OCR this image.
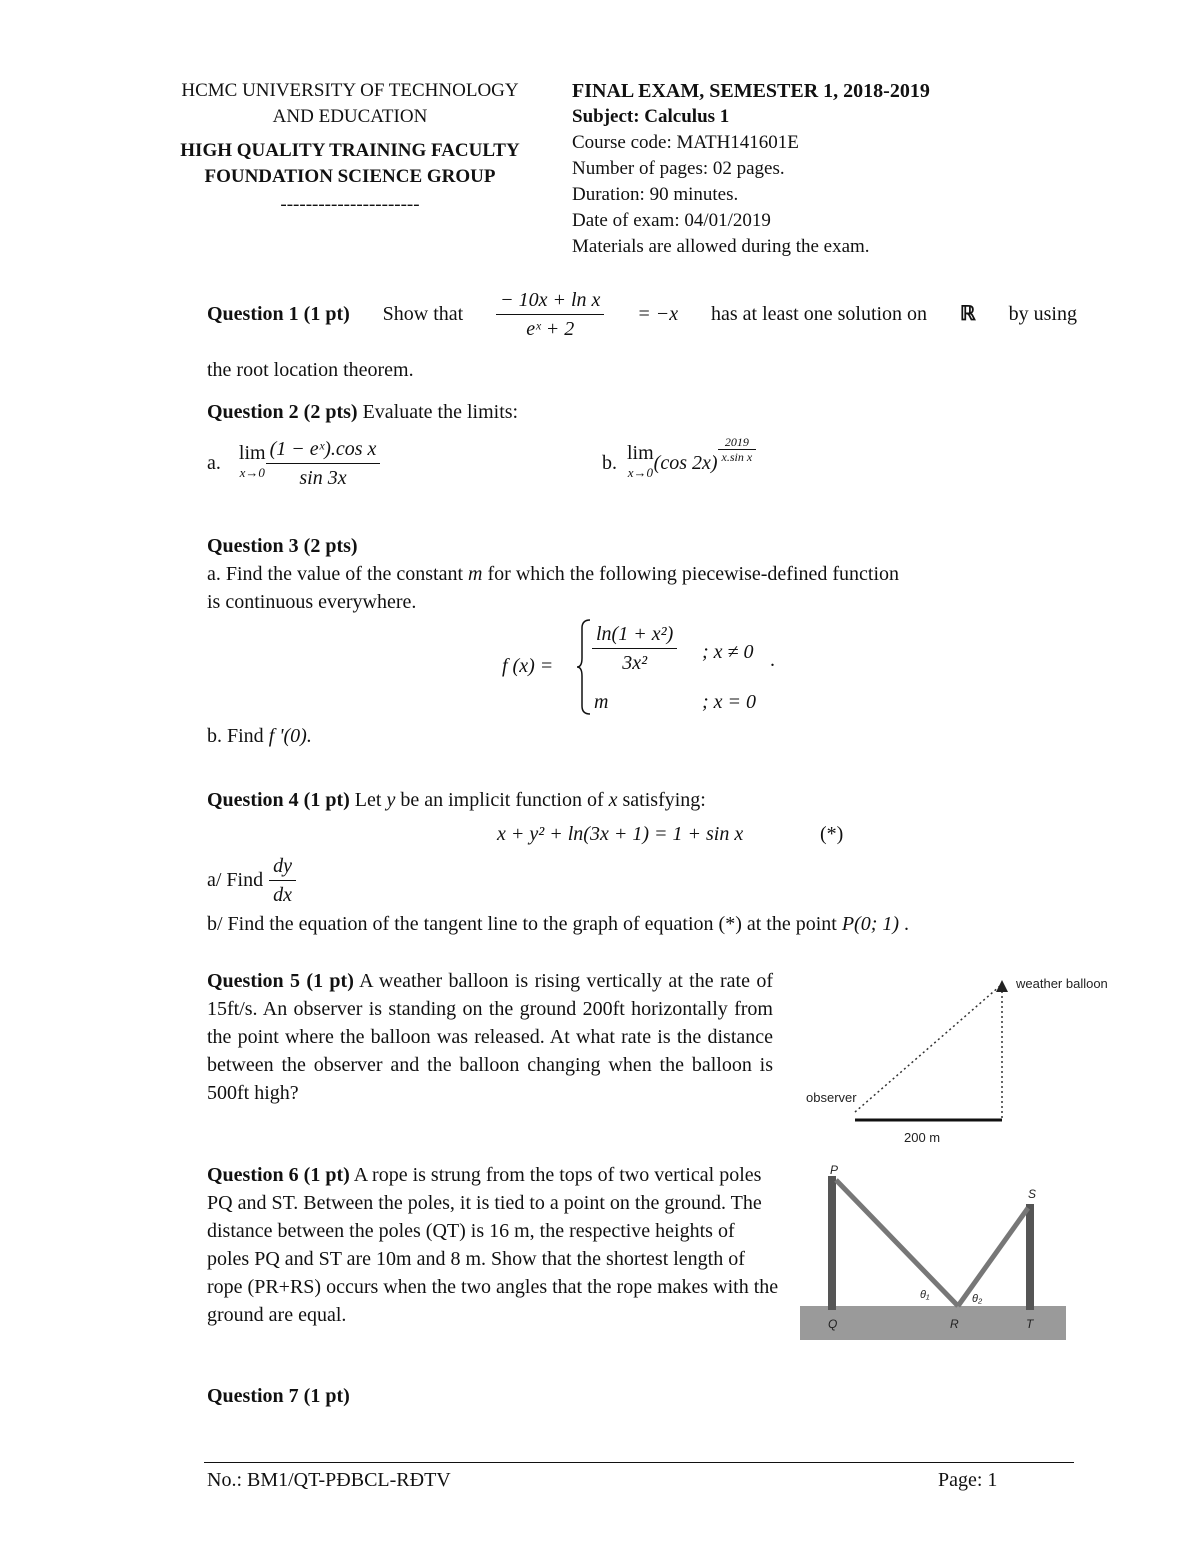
HCMC UNIVERSITY OF TECHNOLOGY
AND EDUCATION
HIGH QUALITY TRAINING FACULTY
FOUNDATION SCIENCE GROUP
----------------------
FINAL EXAM, SEMESTER 1, 2018-2019
Subject: Calculus 1
Course code: MATH141601E
Number of pages: 02 pages.
Duration: 90 minutes.
Date of exam: 04/01/2019
Materials are allowed during the exam.
Question 1 (1 pt) Show that $\frac{\text{− 10x + ln x}}{\text{eˣ + 2}} = -x$ has at least one solution on ℝ by using
the root location theorem.
Question 2 (2 pts) Evaluate the limits:
a. lim
$x\to 0 \frac{\text{(1 − eˣ).cos x}}{\sin 3x}$	b. lim
x→0 (cos $2x) \frac{2019}{\text{x.sin x}}$
Question 3 (2 pts)
a. Find the value of the constant m for which the following piecewise-defined function
is continuous everywhere.
f $(x) = \frac{\text{ln(1 + x²)}}{\text{3x²}}$ ; x ≠ 0 .
m	; x = 0
b. Find f '(0).
Question 4 (1 pt) Let y be an implicit function of x satisfying:
x + y² + ln(3x + 1) = 1 + sin x	(*)
a/ Find $\frac{dy}{dx}$
b/ Find the equation of the tangent line to the graph of equation (*) at the point P(0; 1) .
Question 5 (1 pt) A weather balloon is rising vertically at the rate of 15ft/s. An observer is standing on the ground 200ft horizontally from the point where the balloon was released. At what rate is the distance between the observer and the balloon changing when the balloon is 500ft high?
weather balloon
observer
200 m
Question 6 (1 pt) A rope is strung from the tops of two vertical poles PQ and ST. Between the poles, it is tied to a point on the ground. The distance between the poles (QT) is 16 m, the respective heights of poles PQ and ST are 10m and 8 m. Show that the shortest length of rope (PR+RS) occurs when the two angles that the rope makes with the ground are equal.
P
S
Q	R	T
θ₁	θ₂
Question 7 (1 pt)
No.: BM1/QT-PĐBCL-RĐTV	Page: 1
